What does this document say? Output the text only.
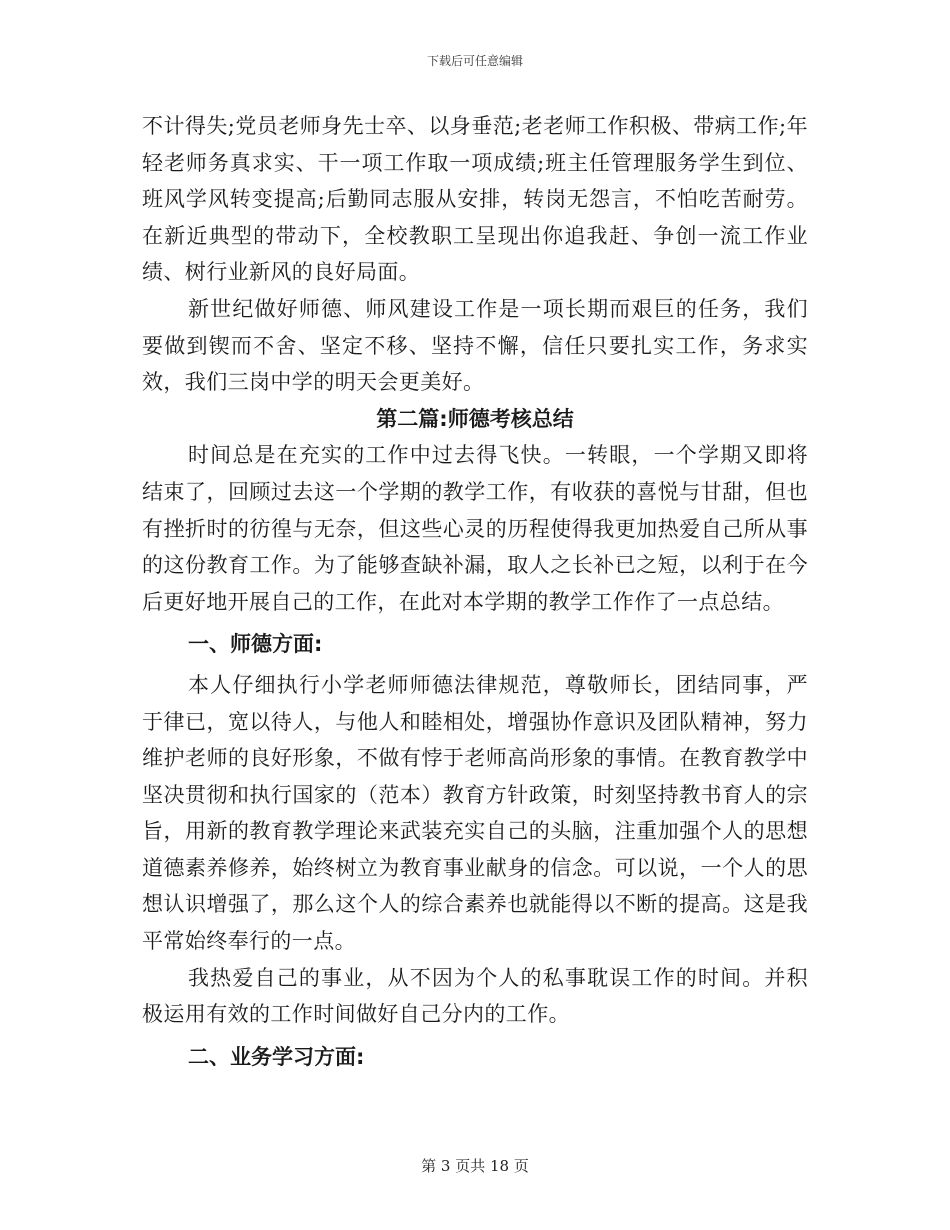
下载后可任意编辑

不计得失;党员老师身先士卒、以身垂范;老老师工作积极、带病工作;年轻老师务真求实、干一项工作取一项成绩;班主任管理服务学生到位、班风学风转变提高;后勤同志服从安排，转岗无怨言，不怕吃苦耐劳。在新近典型的带动下，全校教职工呈现出你追我赶、争创一流工作业绩、树行业新风的良好局面。

新世纪做好师德、师风建设工作是一项长期而艰巨的任务，我们要做到锲而不舍、坚定不移、坚持不懈，信任只要扎实工作，务求实效，我们三岗中学的明天会更美好。

第二篇:师德考核总结

时间总是在充实的工作中过去得飞快。一转眼，一个学期又即将结束了，回顾过去这一个学期的教学工作，有收获的喜悦与甘甜，但也有挫折时的彷徨与无奈，但这些心灵的历程使得我更加热爱自己所从事的这份教育工作。为了能够查缺补漏，取人之长补已之短，以利于在今后更好地开展自己的工作，在此对本学期的教学工作作了一点总结。

一、师德方面:

本人仔细执行小学老师师德法律规范，尊敬师长，团结同事，严于律已，宽以待人，与他人和睦相处，增强协作意识及团队精神，努力维护老师的良好形象，不做有悖于老师高尚形象的事情。在教育教学中坚决贯彻和执行国家的（范本）教育方针政策，时刻坚持教书育人的宗旨，用新的教育教学理论来武装充实自己的头脑，注重加强个人的思想道德素养修养，始终树立为教育事业献身的信念。可以说，一个人的思想认识增强了，那么这个人的综合素养也就能得以不断的提高。这是我平常始终奉行的一点。

我热爱自己的事业，从不因为个人的私事耽误工作的时间。并积极运用有效的工作时间做好自己分内的工作。

二、业务学习方面:

第 3 页共 18 页
